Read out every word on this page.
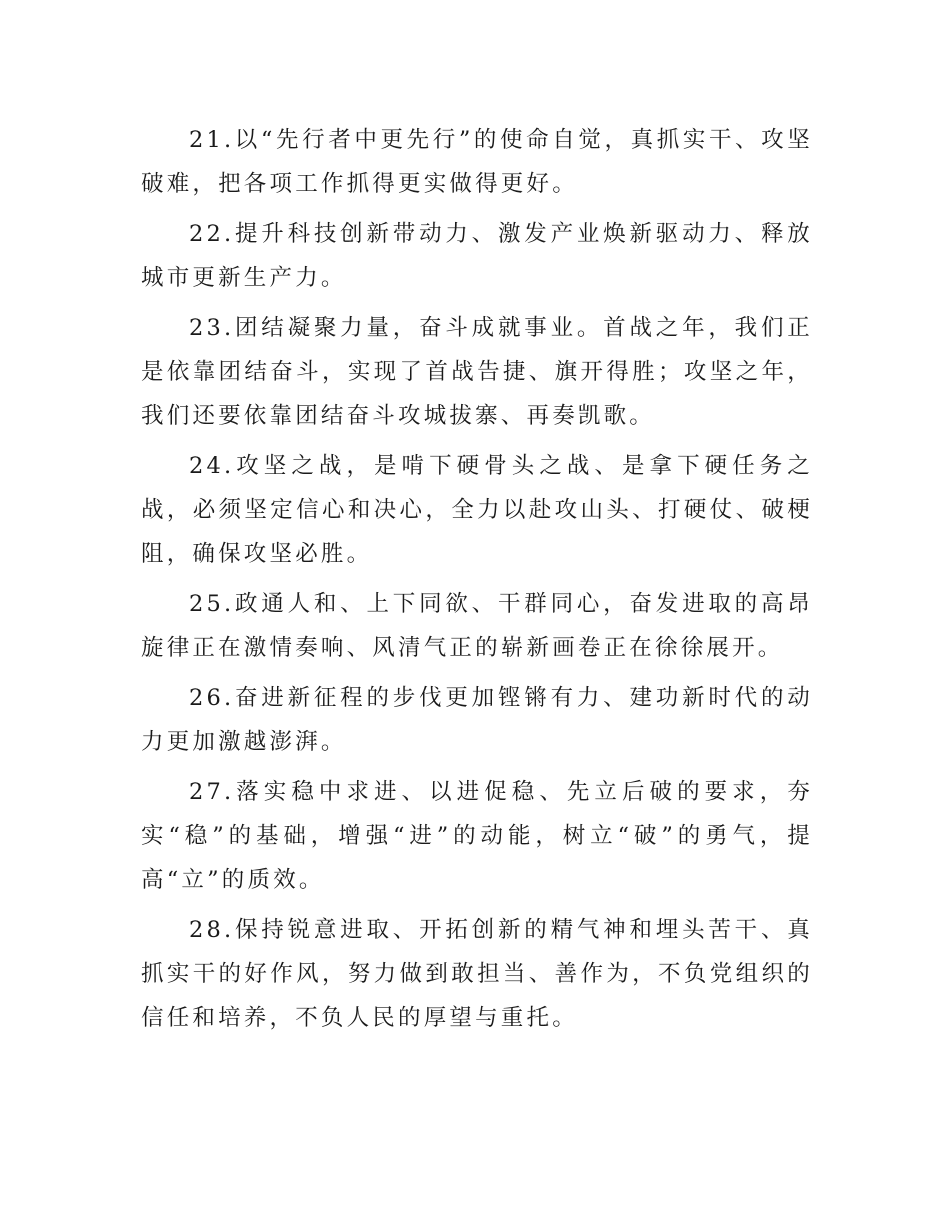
21.以“先行者中更先行”的使命自觉，真抓实干、攻坚破难，把各项工作抓得更实做得更好。

22.提升科技创新带动力、激发产业焕新驱动力、释放城市更新生产力。

23.团结凝聚力量，奋斗成就事业。首战之年，我们正是依靠团结奋斗，实现了首战告捷、旗开得胜；攻坚之年，我们还要依靠团结奋斗攻城拔寨、再奏凯歌。

24.攻坚之战，是啃下硬骨头之战、是拿下硬任务之战，必须坚定信心和决心，全力以赴攻山头、打硬仗、破梗阻，确保攻坚必胜。

25.政通人和、上下同欲、干群同心，奋发进取的高昂旋律正在激情奏响、风清气正的崭新画卷正在徐徐展开。

26.奋进新征程的步伐更加铿锵有力、建功新时代的动力更加激越澎湃。

27.落实稳中求进、以进促稳、先立后破的要求，夯实“稳”的基础，增强“进”的动能，树立“破”的勇气，提高“立”的质效。

28.保持锐意进取、开拓创新的精气神和埋头苦干、真抓实干的好作风，努力做到敢担当、善作为，不负党组织的信任和培养，不负人民的厚望与重托。
